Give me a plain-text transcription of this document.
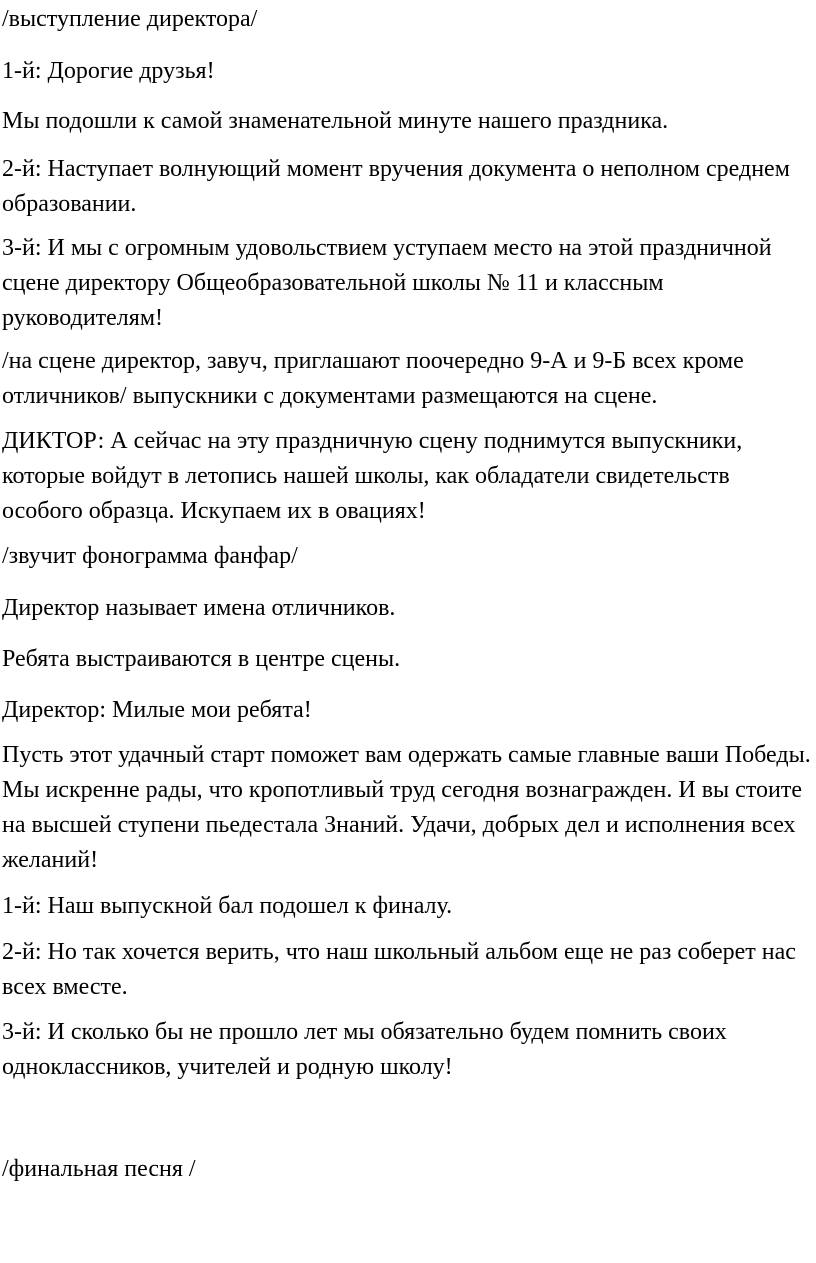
/выступление директора/

1-й: Дорогие друзья!

Мы подошли к самой знаменательной минуте нашего праздника.

2-й: Наступает волнующий момент вручения документа о неполном среднем образовании.

3-й: И мы с огромным удовольствием уступаем место на этой праздничной сцене директору Общеобразовательной школы № 11 и классным руководителям!

/на сцене директор, завуч, приглашают поочередно 9-А и 9-Б всех кроме отличников/ выпускники с документами размещаются на сцене.

ДИКТОР: А сейчас на эту праздничную сцену поднимутся выпускники, которые войдут в летопись нашей школы, как обладатели свидетельств особого образца. Искупаем их в овациях!

/звучит фонограмма фанфар/

Директор называет имена отличников.

Ребята выстраиваются в центре сцены.

Директор: Милые мои ребята!

Пусть этот удачный старт поможет вам одержать самые главные ваши Победы. Мы искренне рады, что кропотливый труд сегодня вознагражден. И вы стоите на высшей ступени пьедестала Знаний. Удачи, добрых дел и исполнения всех желаний!

1-й: Наш выпускной бал подошел к финалу.

2-й: Но так хочется верить, что наш школьный альбом еще не раз соберет нас всех вместе.

3-й: И сколько бы не прошло лет мы обязательно будем помнить своих одноклассников, учителей и родную школу!

/финальная песня /
